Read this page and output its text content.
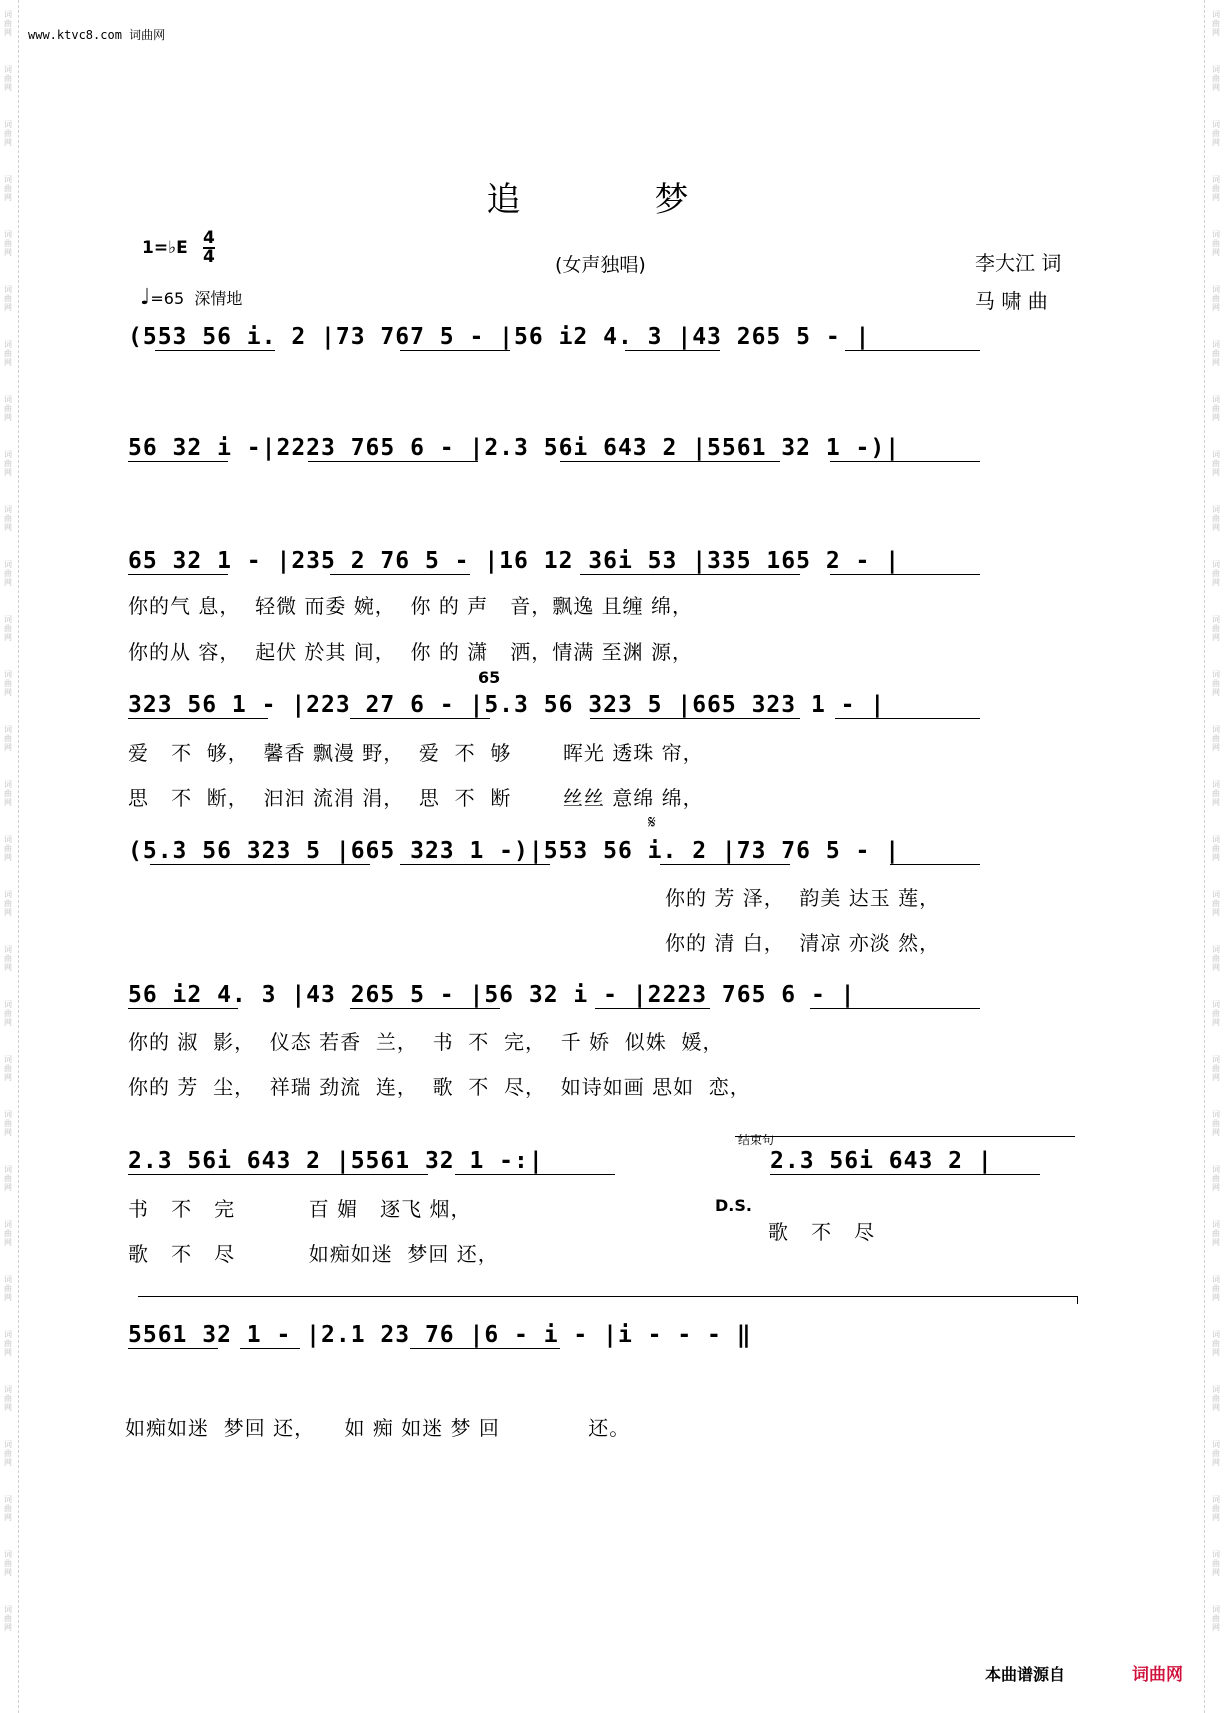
词
曲
网
词
曲
网
词
曲
网
词
曲
网
词
曲
网
词
曲
网
词
曲
网
词
曲
网
词
曲
网
词
曲
网
词
曲
网
词
曲
网
词
曲
网
词
曲
网
词
曲
网
词
曲
网
词
曲
网
词
曲
网
词
曲
网
词
曲
网
词
曲
网
词
曲
网
词
曲
网
词
曲
网
词
曲
网
词
曲
网
词
曲
网
词
曲
网
词
曲
网
词
曲
网
词
曲
网
词
曲
网
词
曲
网
词
曲
网
词
曲
网
词
曲
网
词
曲
网
词
曲
网
词
曲
网
词
曲
网
词
曲
网
词
曲
网
词
曲
网
词
曲
网
词
曲
网
词
曲
网
词
曲
网
词
曲
网
词
曲
网
词
曲
网
词
曲
网
词
曲
网
词
曲
网
词
曲
网
词
曲
网
词
曲
网
词
曲
网
词
曲
网
词
曲
网
词
曲
网
www.ktvc8.com 词曲网
追　梦
1=♭E 4
4	(女声独唱)	李大江 词
马 啸 曲
♩=65 深情地
(553 56 i. 2 |73 767 5 - |56 i2 4. 3 |43 265 5 - |
56 32 i -|2223 765 6 - |2.3 56i 643 2 |5561 32 1 -)|
65 32 1 - |235 2 76 5 - |16 12 36i 53 |335 165 2 - |
你的气 息，  轻微 而委 婉，  你 的 声   音，飘逸 且缠 绵，
你的从 容，  起伏 於其 间，  你 的 潇   洒，情满 至渊 源，
65
323 56 1 - |223 27 6 - |5.3 56 323 5 |665 323 1 - |
爱   不  够，  馨香 飘漫 野，  爱  不  够       晖光 透珠 帘，
思   不  断，  汩汩 流涓 涓，  思  不  断       丝丝 意绵 绵，
𝄋
(5.3 56 323 5 |665 323 1 -)|553 56 i. 2 |73 76 5 - |
你的 芳 泽，  韵美 达玉 莲，
你的 清 白，  清凉 亦淡 然，
56 i2 4. 3 |43 265 5 - |56 32 i - |2223 765 6 - |
你的 淑  影，  仪态 若香  兰，  书  不  完，  千 娇  似姝  媛，
你的 芳  尘，  祥瑞 劲流  连，  歌  不  尽，  如诗如画 思如  恋，
结束句
2.3 56i 643 2 |5561 32 1 -:|	2.3 56i 643 2 |
书   不   完          百 媚   逐飞 烟，
歌   不   尽          如痴如迷  梦回 还，
D.S.
歌   不   尽
5561 32 1 - |2.1 23 76 |6 - i - |i - - - ‖
如痴如迷  梦回 还，    如 痴 如迷 梦 回            还。
本曲谱源自	词曲网
